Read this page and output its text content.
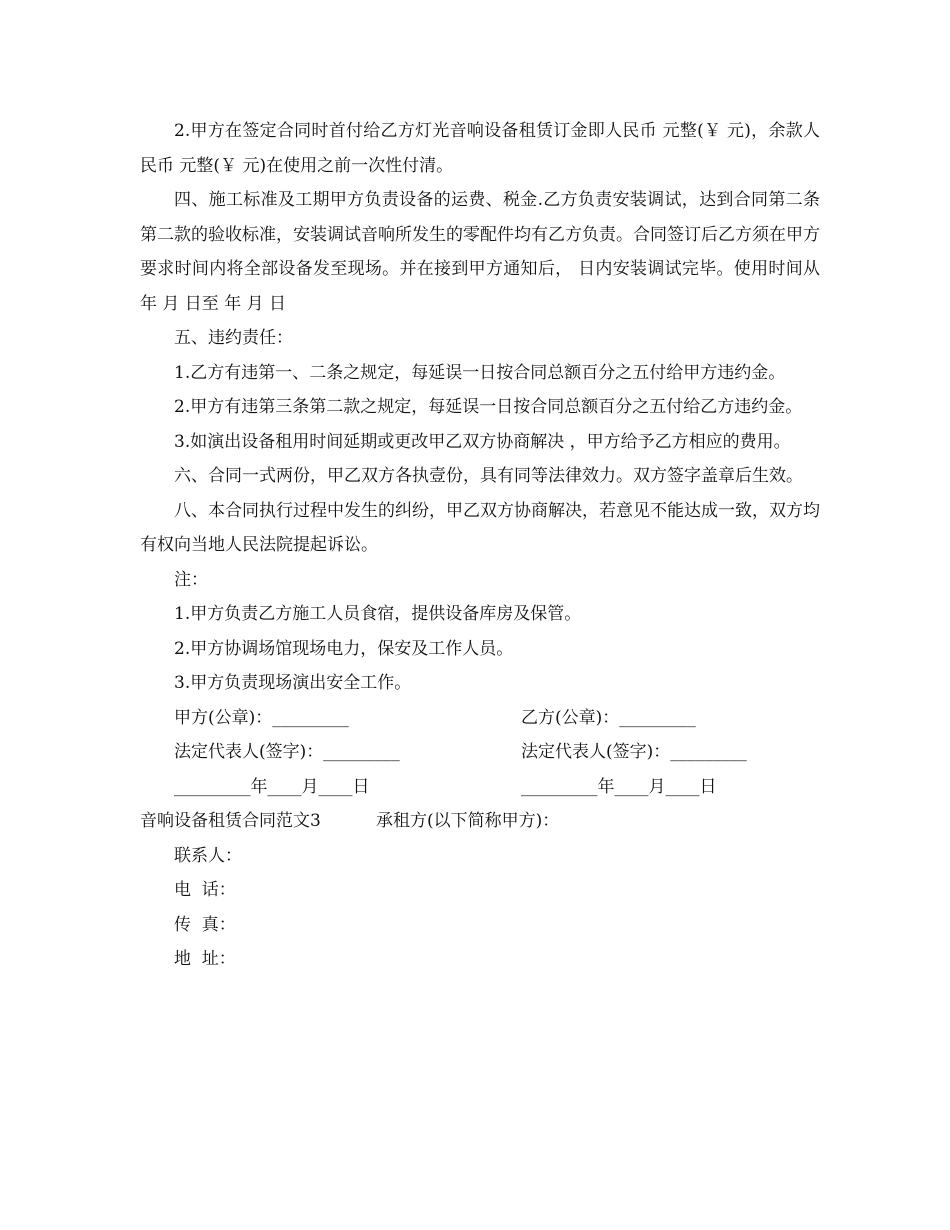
2.甲方在签定合同时首付给乙方灯光音响设备租赁订金即人民币 元整(￥ 元)，余款人民币 元整(￥ 元)在使用之前一次性付清。

四、施工标准及工期甲方负责设备的运费、税金.乙方负责安装调试，达到合同第二条第二款的验收标准，安装调试音响所发生的零配件均有乙方负责。合同签订后乙方须在甲方要求时间内将全部设备发至现场。并在接到甲方通知后， 日内安装调试完毕。使用时间从 年 月 日至 年 月 日

五、违约责任：

1.乙方有违第一、二条之规定，每延误一日按合同总额百分之五付给甲方违约金。

2.甲方有违第三条第二款之规定，每延误一日按合同总额百分之五付给乙方违约金。

3.如演出设备租用时间延期或更改甲乙双方协商解决 ，甲方给予乙方相应的费用。

六、合同一式两份，甲乙双方各执壹份，具有同等法律效力。双方签字盖章后生效。

八、本合同执行过程中发生的纠纷，甲乙双方协商解决，若意见不能达成一致，双方均有权向当地人民法院提起诉讼。

注：

1.甲方负责乙方施工人员食宿，提供设备库房及保管。

2.甲方协调场馆现场电力，保安及工作人员。

3.甲方负责现场演出安全工作。

甲方(公章)：_________	乙方(公章)：_________
法定代表人(签字)：_________	法定代表人(签字)：_________
_________年____月____日	_________年____月____日
音响设备租赁合同范文3	承租方(以下简称甲方)：

联系人：

电  话：

传  真：

地  址：
